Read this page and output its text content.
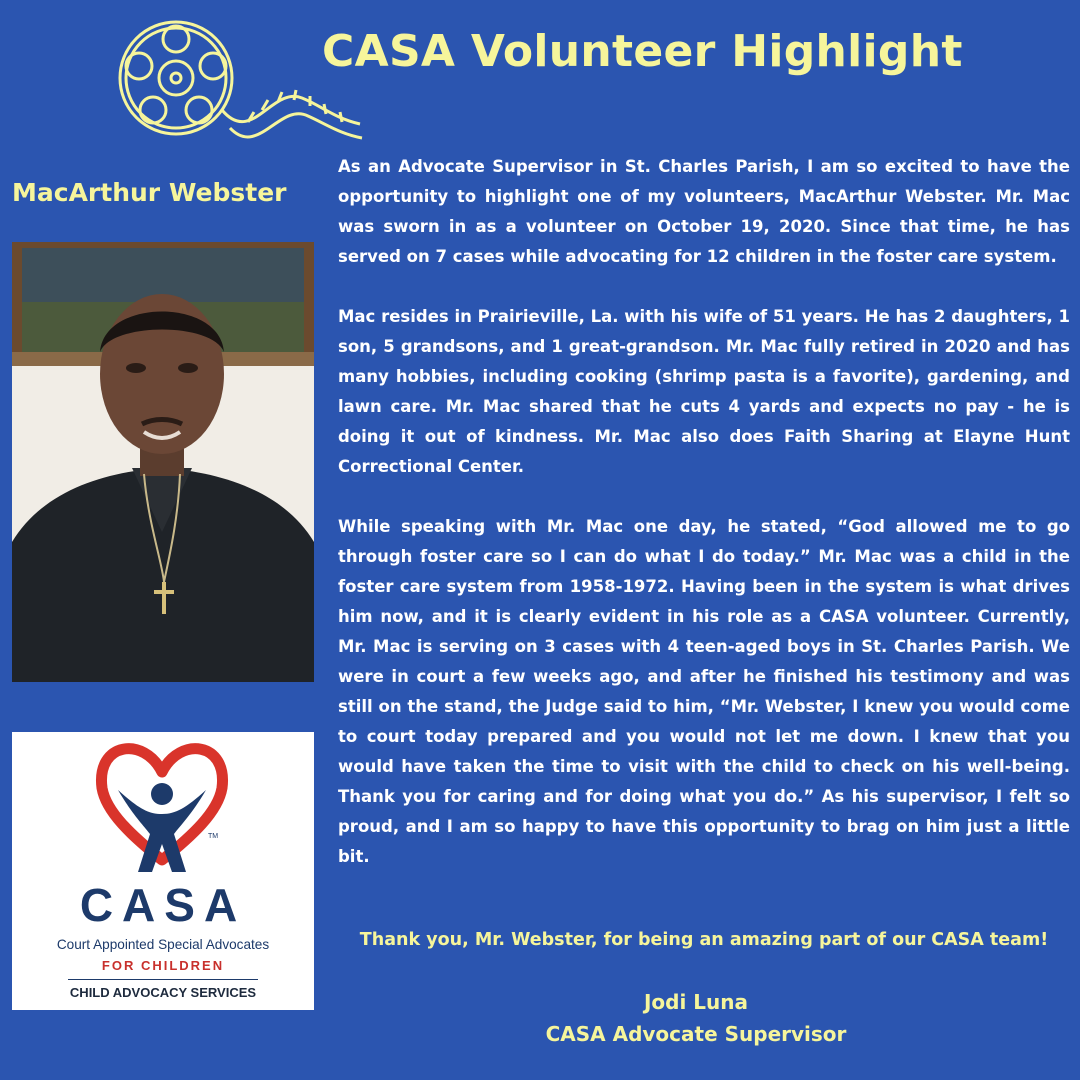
CASA Volunteer Highlight
MacArthur Webster
TM
CASA
Court Appointed Special Advocates
FOR CHILDREN
CHILD ADVOCACY SERVICES

As an Advocate Supervisor in St. Charles Parish, I am so excited to have the opportunity to highlight one of my volunteers, MacArthur Webster. Mr. Mac was sworn in as a volunteer on October 19, 2020. Since that time, he has served on 7 cases while advocating for 12 children in the foster care system.

Mac resides in Prairieville, La. with his wife of 51 years. He has 2 daughters, 1 son, 5 grandsons, and 1 great-grandson. Mr. Mac fully retired in 2020 and has many hobbies, including cooking (shrimp pasta is a favorite), gardening, and lawn care. Mr. Mac shared that he cuts 4 yards and expects no pay - he is doing it out of kindness. Mr. Mac also does Faith Sharing at Elayne Hunt Correctional Center.

While speaking with Mr. Mac one day, he stated, “God allowed me to go through foster care so I can do what I do today.” Mr. Mac was a child in the foster care system from 1958-1972. Having been in the system is what drives him now, and it is clearly evident in his role as a CASA volunteer. Currently, Mr. Mac is serving on 3 cases with 4 teen-aged boys in St. Charles Parish. We were in court a few weeks ago, and after he finished his testimony and was still on the stand, the Judge said to him, “Mr. Webster, I knew you would come to court today prepared and you would not let me down. I knew that you would have taken the time to visit with the child to check on his well-being. Thank you for caring and for doing what you do.” As his supervisor, I felt so proud, and I am so happy to have this opportunity to brag on him just a little bit.

Thank you, Mr. Webster, for being an amazing part of our CASA team!
Jodi Luna
CASA Advocate Supervisor
